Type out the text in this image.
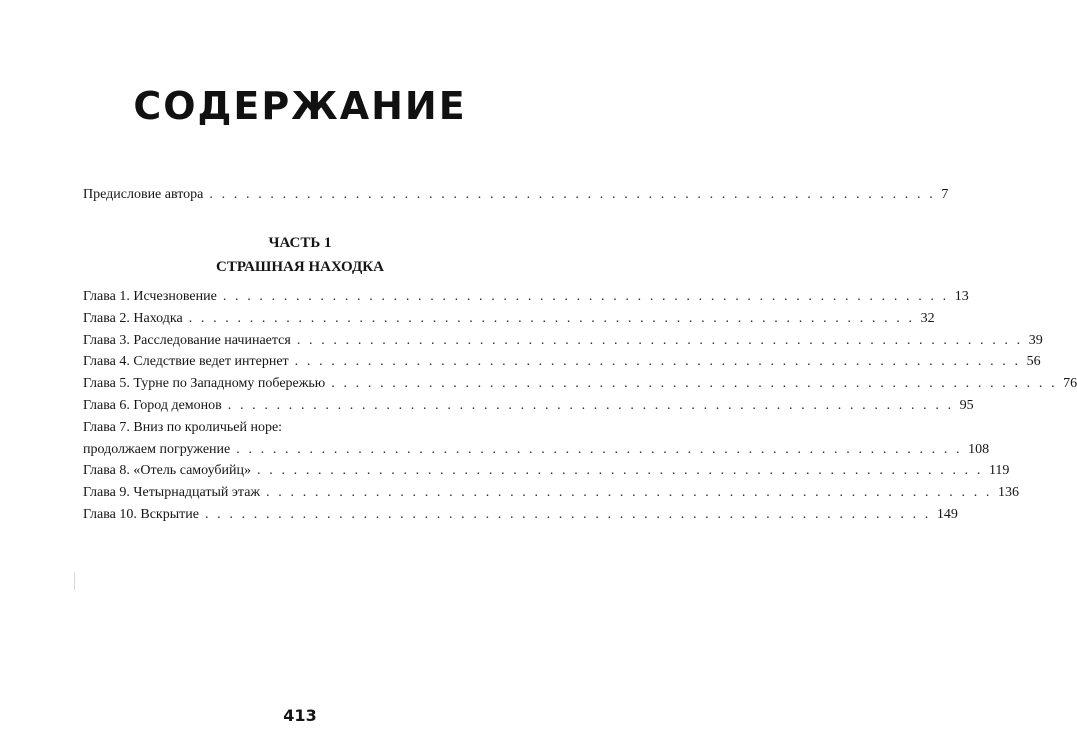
СОДЕРЖАНИЕ
Предисловие автора . . . . . . . . . . . . . . . . . . . . . . . . . . . . . . . . . . . . . . . . . . . . . . . . . . . . . . . . . . . . 7
ЧАСТЬ 1
СТРАШНАЯ НАХОДКА
Глава 1. Исчезновение . . . . . . . . . . . . . . . . . . . . . . . . . . . . . . . . . . . . . . . . . . . . . . . . . . . . . . . . . . . . 13
Глава 2. Находка . . . . . . . . . . . . . . . . . . . . . . . . . . . . . . . . . . . . . . . . . . . . . . . . . . . . . . . . . . . . 32
Глава 3. Расследование начинается . . . . . . . . . . . . . . . . . . . . . . . . . . . . . . . . . . . . . . . . . . . . . . . . . . . . . . . . . . . . 39
Глава 4. Следствие ведет интернет . . . . . . . . . . . . . . . . . . . . . . . . . . . . . . . . . . . . . . . . . . . . . . . . . . . . . . . . . . . . 56
Глава 5. Турне по Западному побережью . . . . . . . . . . . . . . . . . . . . . . . . . . . . . . . . . . . . . . . . . . . . . . . . . . . . . . . . . . . . 76
Глава 6. Город демонов . . . . . . . . . . . . . . . . . . . . . . . . . . . . . . . . . . . . . . . . . . . . . . . . . . . . . . . . . . . . 95
Глава 7. Вниз по кроличьей норе:
продолжаем погружение . . . . . . . . . . . . . . . . . . . . . . . . . . . . . . . . . . . . . . . . . . . . . . . . . . . . . . . . . . . . 108
Глава 8. «Отель самоубийц» . . . . . . . . . . . . . . . . . . . . . . . . . . . . . . . . . . . . . . . . . . . . . . . . . . . . . . . . . . . . 119
Глава 9. Четырнадцатый этаж . . . . . . . . . . . . . . . . . . . . . . . . . . . . . . . . . . . . . . . . . . . . . . . . . . . . . . . . . . . . 136
Глава 10. Вскрытие . . . . . . . . . . . . . . . . . . . . . . . . . . . . . . . . . . . . . . . . . . . . . . . . . . . . . . . . . . . . 149
413
